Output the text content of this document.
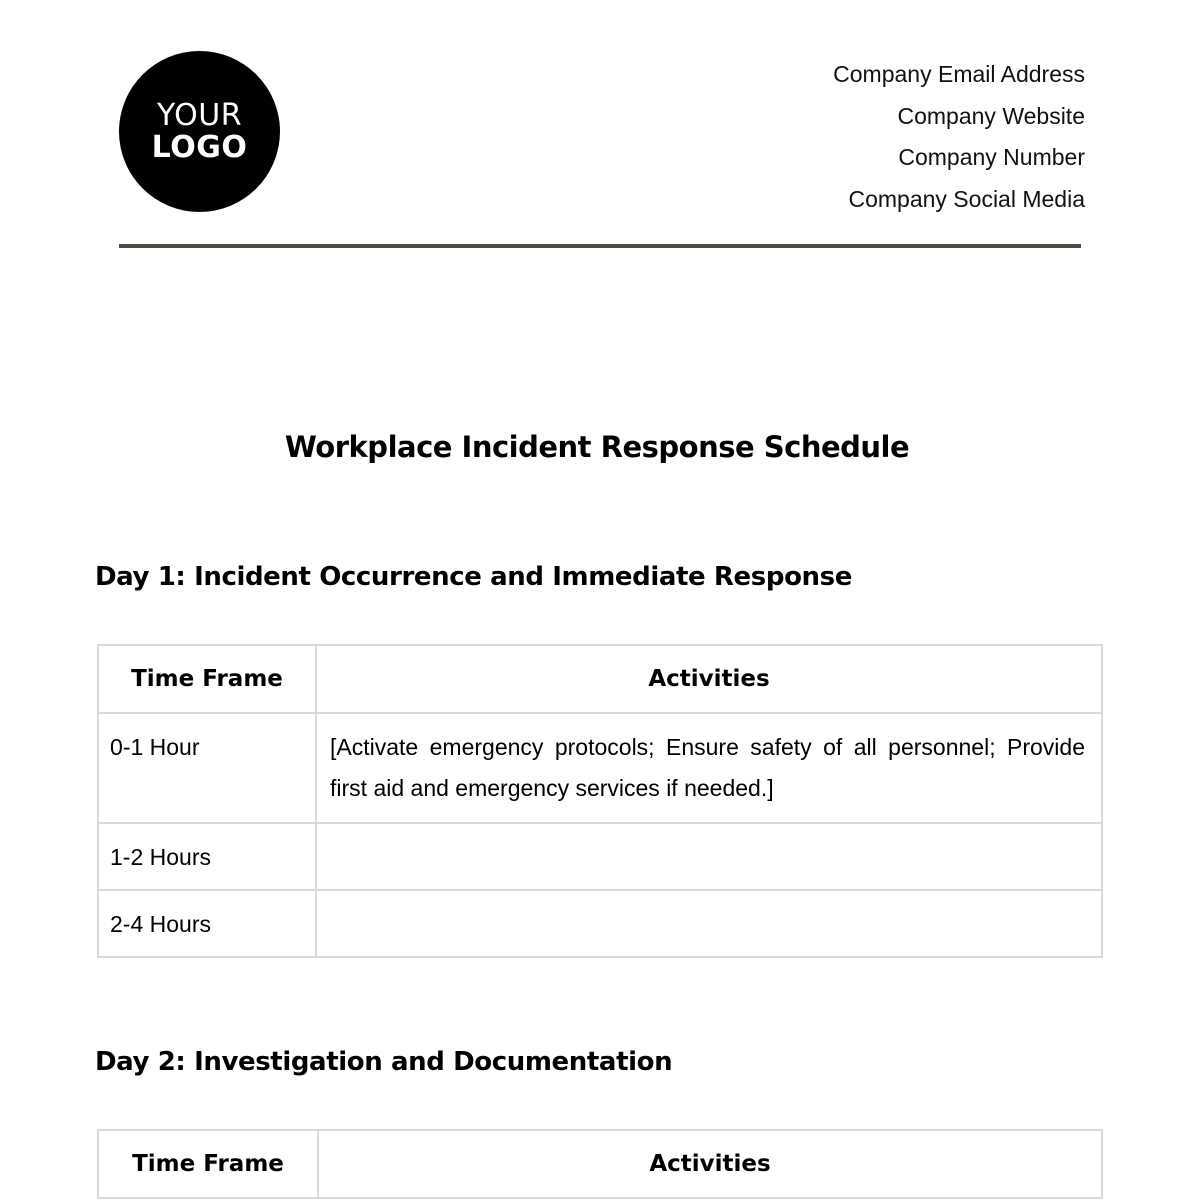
YOUR
LOGO
Company Email Address
Company Website
Company Number
Company Social Media
Workplace Incident Response Schedule
Day 1: Incident Occurrence and Immediate Response
Time Frame	Activities
0-1 Hour	[Activate emergency protocols; Ensure safety of all personnel; Provide first aid and emergency services if needed.]
1-2 Hours	
2-4 Hours	
Day 2: Investigation and Documentation
Time Frame	Activities
